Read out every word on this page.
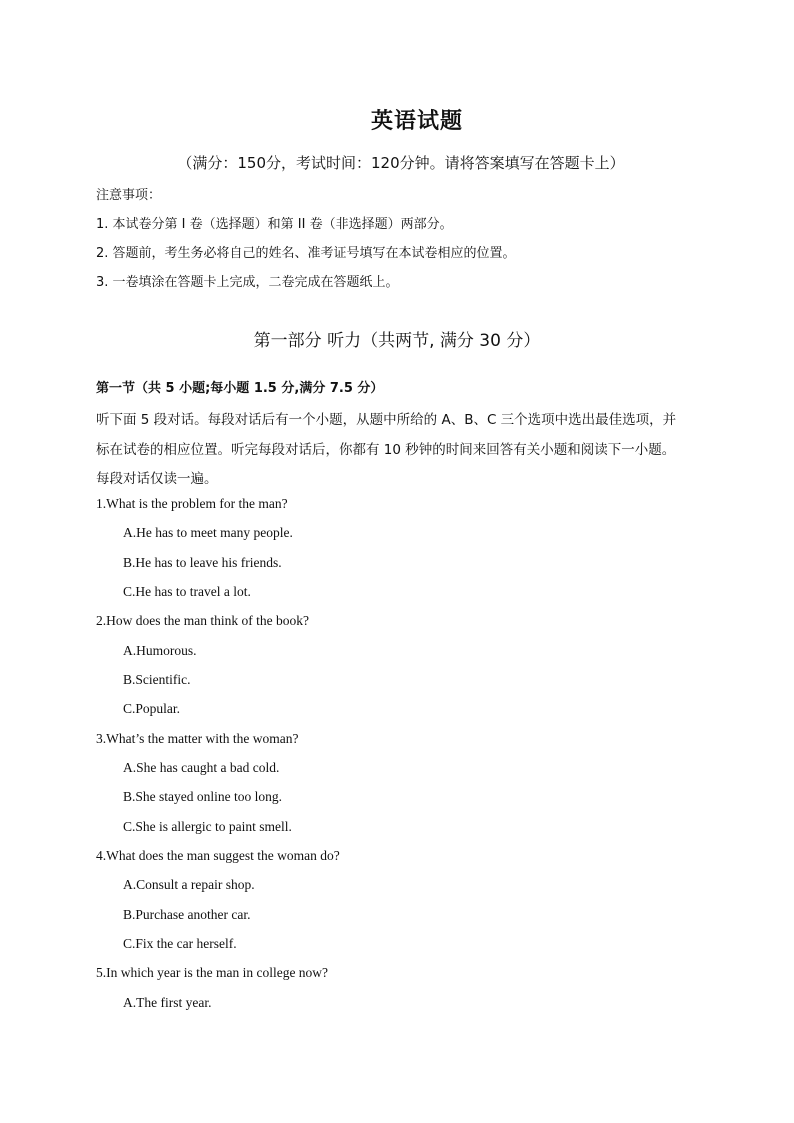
英语试题
（满分：150分，考试时间：120分钟。请将答案填写在答题卡上）
注意事项：
1. 本试卷分第 I 卷（选择题）和第 II 卷（非选择题）两部分。
2. 答题前，考生务必将自己的姓名、准考证号填写在本试卷相应的位置。
3. 一卷填涂在答题卡上完成，二卷完成在答题纸上。
第一部分 听力（共两节, 满分 30 分）
第一节（共 5 小题;每小题 1.5 分,满分 7.5 分）
听下面 5 段对话。每段对话后有一个小题，从题中所给的 A、B、C 三个选项中选出最佳选项，并
标在试卷的相应位置。听完每段对话后，你都有 10 秒钟的时间来回答有关小题和阅读下一小题。
每段对话仅读一遍。
1.What is the problem for the man?
A.He has to meet many people.
B.He has to leave his friends.
C.He has to travel a lot.
2.How does the man think of the book?
A.Humorous.
B.Scientific.
C.Popular.
3.What’s the matter with the woman?
A.She has caught a bad cold.
B.She stayed online too long.
C.She is allergic to paint smell.
4.What does the man suggest the woman do?
A.Consult a repair shop.
B.Purchase another car.
C.Fix the car herself.
5.In which year is the man in college now?
A.The first year.
